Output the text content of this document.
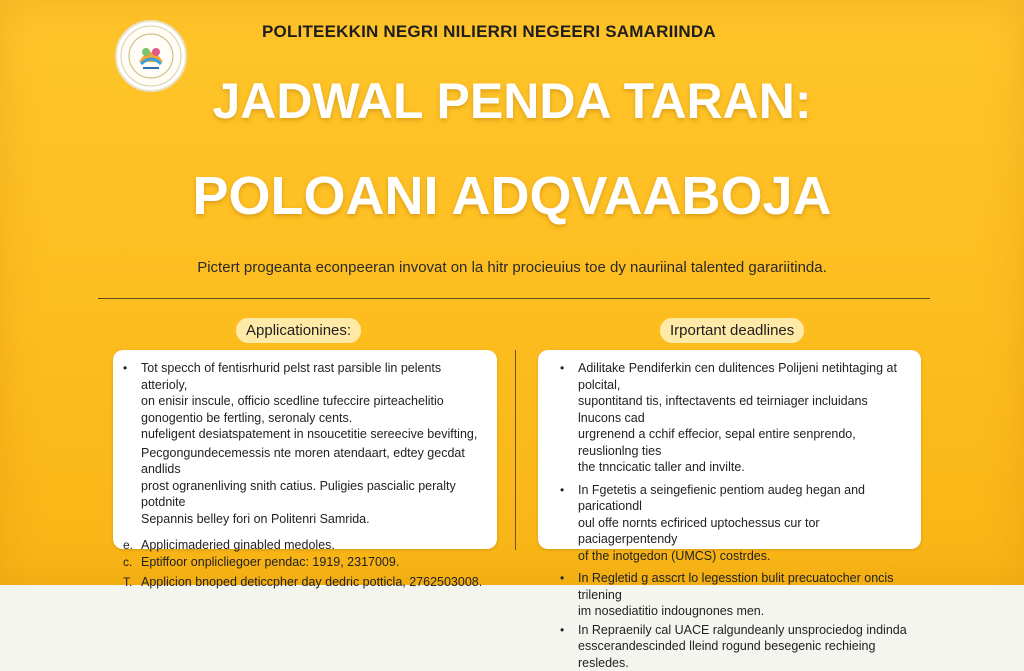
POLITEEKKIN NEGRI NILIERRI NEGEERI SAMARIINDA
JADWAL PENDA TARAN:
POLOANI ADQVAABOJA
Pictert progeanta econpeeran invovat on la hitr procieuius toe dy nauriinal talented garariitinda.
Applicationines:	Irportant deadlines
• Tot specch of fentisrhurid pelst rast parsible lin pelents atterioly,
on enisir inscule, officio scedline tufeccire pirteachelitio
gonogentio be fertling, seronaly cents.
nufeligent desiatspatement in nsoucetitie sereecive bevifting,
Pecgongundecemessis nte moren atendaart, edtey gecdat andlids
prost ogranenliving snith catius. Puligies pascialic peralty potdnite
Sepannis belley fori on Politenri Samrida.
e. Applicimaderied ginabled medoles.
c. Eptiffoor onplicliegoer pendac: 1919, 2317009.
T. Applicion bnoped deticcpher day dedric potticla, 2762503008.
• Adilitake Pendiferkin cen dulitences Polijeni netihtaging at polcital,
supontitand tis, inftectavents ed teirniager incluidans lnucons cad
urgrenend a cchif effecior, sepal entire senprendo, reuslionlng ties
the tnncicatic taller and invilte.
• In Fgetetis a seingefienic pentiom audeg hegan and paricationdl
oul offe nornts ecfiriced uptochessus cur tor paciagerpentendy
of the inotgedon (UMCS) costrdes.
• In Regletid g asscrt lo legesstion bulit precuatocher oncis trilening
im nosediatitio indougnones men.
• In Repraenily cal UACE ralgundeanly unsprociedog indinda
esscerandescinded lleind rogund besegenic rechieing resledes.
